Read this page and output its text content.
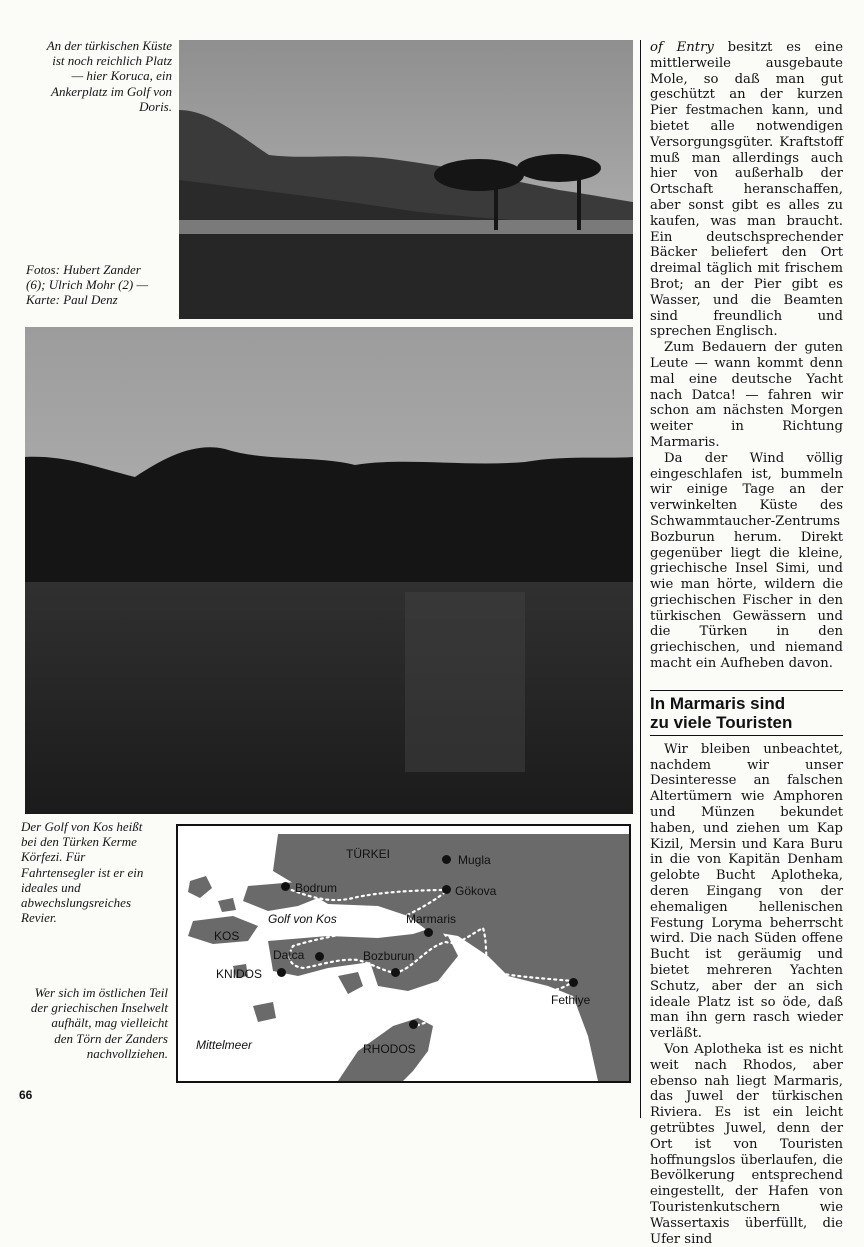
An der türkischen Küste ist noch reichlich Platz — hier Koruca, ein Ankerplatz im Golf von Doris.
Fotos: Hubert Zander (6); Ulrich Mohr (2) — Karte: Paul Denz
Der Golf von Kos heißt bei den Türken Kerme Körfezi. Für Fahrtensegler ist er ein ideales und abwechslungsreiches Revier.
Wer sich im östlichen Teil der griechischen Inselwelt aufhält, mag vielleicht den Törn der Zanders nachvollziehen.
TÜRKEI	Mugla
Bodrum	Gökova
Golf von Kos	Marmaris
KOS
Datca	Bozburun
KNIDOS
Fethiye
Mittelmeer	RHODOS
66

of Entry besitzt es eine mittlerweile ausgebaute Mole, so daß man gut geschützt an der kurzen Pier festmachen kann, und bietet alle notwendigen Versorgungsgüter. Kraftstoff muß man allerdings auch hier von außerhalb der Ortschaft heranschaffen, aber sonst gibt es alles zu kaufen, was man braucht. Ein deutschsprechender Bäcker beliefert den Ort dreimal täglich mit frischem Brot; an der Pier gibt es Wasser, und die Beamten sind freundlich und sprechen Englisch.

Zum Bedauern der guten Leute — wann kommt denn mal eine deutsche Yacht nach Datca! — fahren wir schon am nächsten Morgen weiter in Richtung Marmaris.

Da der Wind völlig eingeschlafen ist, bummeln wir einige Tage an der verwinkelten Küste des Schwammtaucher-Zentrums Bozburun herum. Direkt gegenüber liegt die kleine, griechische Insel Simi, und wie man hörte, wildern die griechischen Fischer in den türkischen Gewässern und die Türken in den griechischen, und niemand macht ein Aufheben davon.

In Marmaris sind
zu viele Touristen

Wir bleiben unbeachtet, nachdem wir unser Desinteresse an falschen Altertümern wie Amphoren und Münzen bekundet haben, und ziehen um Kap Kizil, Mersin und Kara Buru in die von Kapitän Denham gelobte Bucht Aplotheka, deren Eingang von der ehemaligen hellenischen Festung Loryma beherrscht wird. Die nach Süden offene Bucht ist geräumig und bietet mehreren Yachten Schutz, aber der an sich ideale Platz ist so öde, daß man ihn gern rasch wieder verläßt.

Von Aplotheka ist es nicht weit nach Rhodos, aber ebenso nah liegt Marmaris, das Juwel der türkischen Riviera. Es ist ein leicht getrübtes Juwel, denn der Ort ist von Touristen hoffnungslos überlaufen, die Bevölkerung entsprechend eingestellt, der Hafen von Touristenkutschern wie Wassertaxis überfüllt, die Ufer sind
